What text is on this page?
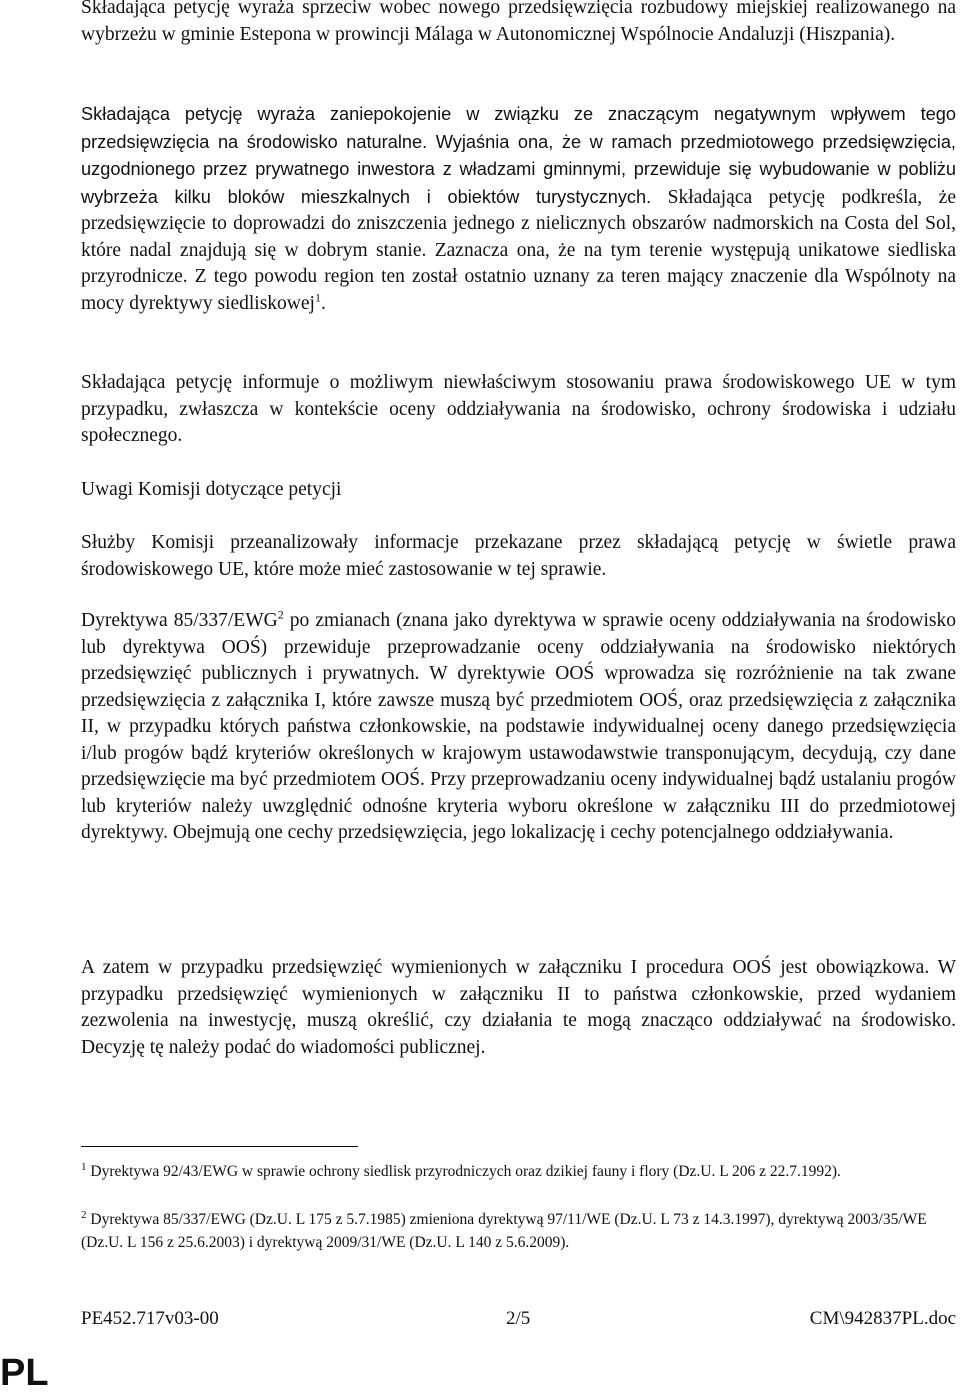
Składająca petycję wyraża sprzeciw wobec nowego przedsięwzięcia rozbudowy miejskiej realizowanego na wybrzeżu w gminie Estepona w prowincji Málaga w Autonomicznej Wspólnocie Andaluzji (Hiszpania).

Składająca petycję wyraża zaniepokojenie w związku ze znaczącym negatywnym wpływem tego przedsięwzięcia na środowisko naturalne. Wyjaśnia ona, że w ramach przedmiotowego przedsięwzięcia, uzgodnionego przez prywatnego inwestora z władzami gminnymi, przewiduje się wybudowanie w pobliżu wybrzeża kilku bloków mieszkalnych i obiektów turystycznych. Składająca petycję podkreśla, że przedsięwzięcie to doprowadzi do zniszczenia jednego z nielicznych obszarów nadmorskich na Costa del Sol, które nadal znajdują się w dobrym stanie. Zaznacza ona, że na tym terenie występują unikatowe siedliska przyrodnicze. Z tego powodu region ten został ostatnio uznany za teren mający znaczenie dla Wspólnoty na mocy dyrektywy siedliskowej$^1$.

Składająca petycję informuje o możliwym niewłaściwym stosowaniu prawa środowiskowego UE w tym przypadku, zwłaszcza w kontekście oceny oddziaływania na środowisko, ochrony środowiska i udziału społecznego.

Uwagi Komisji dotyczące petycji

Służby Komisji przeanalizowały informacje przekazane przez składającą petycję w świetle prawa środowiskowego UE, które może mieć zastosowanie w tej sprawie.

Dyrektywa 85/337/EWG$^2$ po zmianach (znana jako dyrektywa w sprawie oceny oddziaływania na środowisko lub dyrektywa OOŚ) przewiduje przeprowadzanie oceny oddziaływania na środowisko niektórych przedsięwzięć publicznych i prywatnych. W dyrektywie OOŚ wprowadza się rozróżnienie na tak zwane przedsięwzięcia z załącznika I, które zawsze muszą być przedmiotem OOŚ, oraz przedsięwzięcia z załącznika II, w przypadku których państwa członkowskie, na podstawie indywidualnej oceny danego przedsięwzięcia i/lub progów bądź kryteriów określonych w krajowym ustawodawstwie transponującym, decydują, czy dane przedsięwzięcie ma być przedmiotem OOŚ. Przy przeprowadzaniu oceny indywidualnej bądź ustalaniu progów lub kryteriów należy uwzględnić odnośne kryteria wyboru określone w załączniku III do przedmiotowej dyrektywy. Obejmują one cechy przedsięwzięcia, jego lokalizację i cechy potencjalnego oddziaływania.

A zatem w przypadku przedsięwzięć wymienionych w załączniku I procedura OOŚ jest obowiązkowa. W przypadku przedsięwzięć wymienionych w załączniku II to państwa członkowskie, przed wydaniem zezwolenia na inwestycję, muszą określić, czy działania te mogą znacząco oddziaływać na środowisko. Decyzję tę należy podać do wiadomości publicznej.

$^1$ Dyrektywa 92/43/EWG w sprawie ochrony siedlisk przyrodniczych oraz dzikiej fauny i flory (Dz.U. L 206 z 22.7.1992).

$^2$ Dyrektywa 85/337/EWG (Dz.U. L 175 z 5.7.1985) zmieniona dyrektywą 97/11/WE (Dz.U. L 73 z 14.3.1997), dyrektywą 2003/35/WE (Dz.U. L 156 z 25.6.2003) i dyrektywą 2009/31/WE (Dz.U. L 140 z 5.6.2009).

PE452.717v03-00	2/5	CM\942837PL.doc
PL
